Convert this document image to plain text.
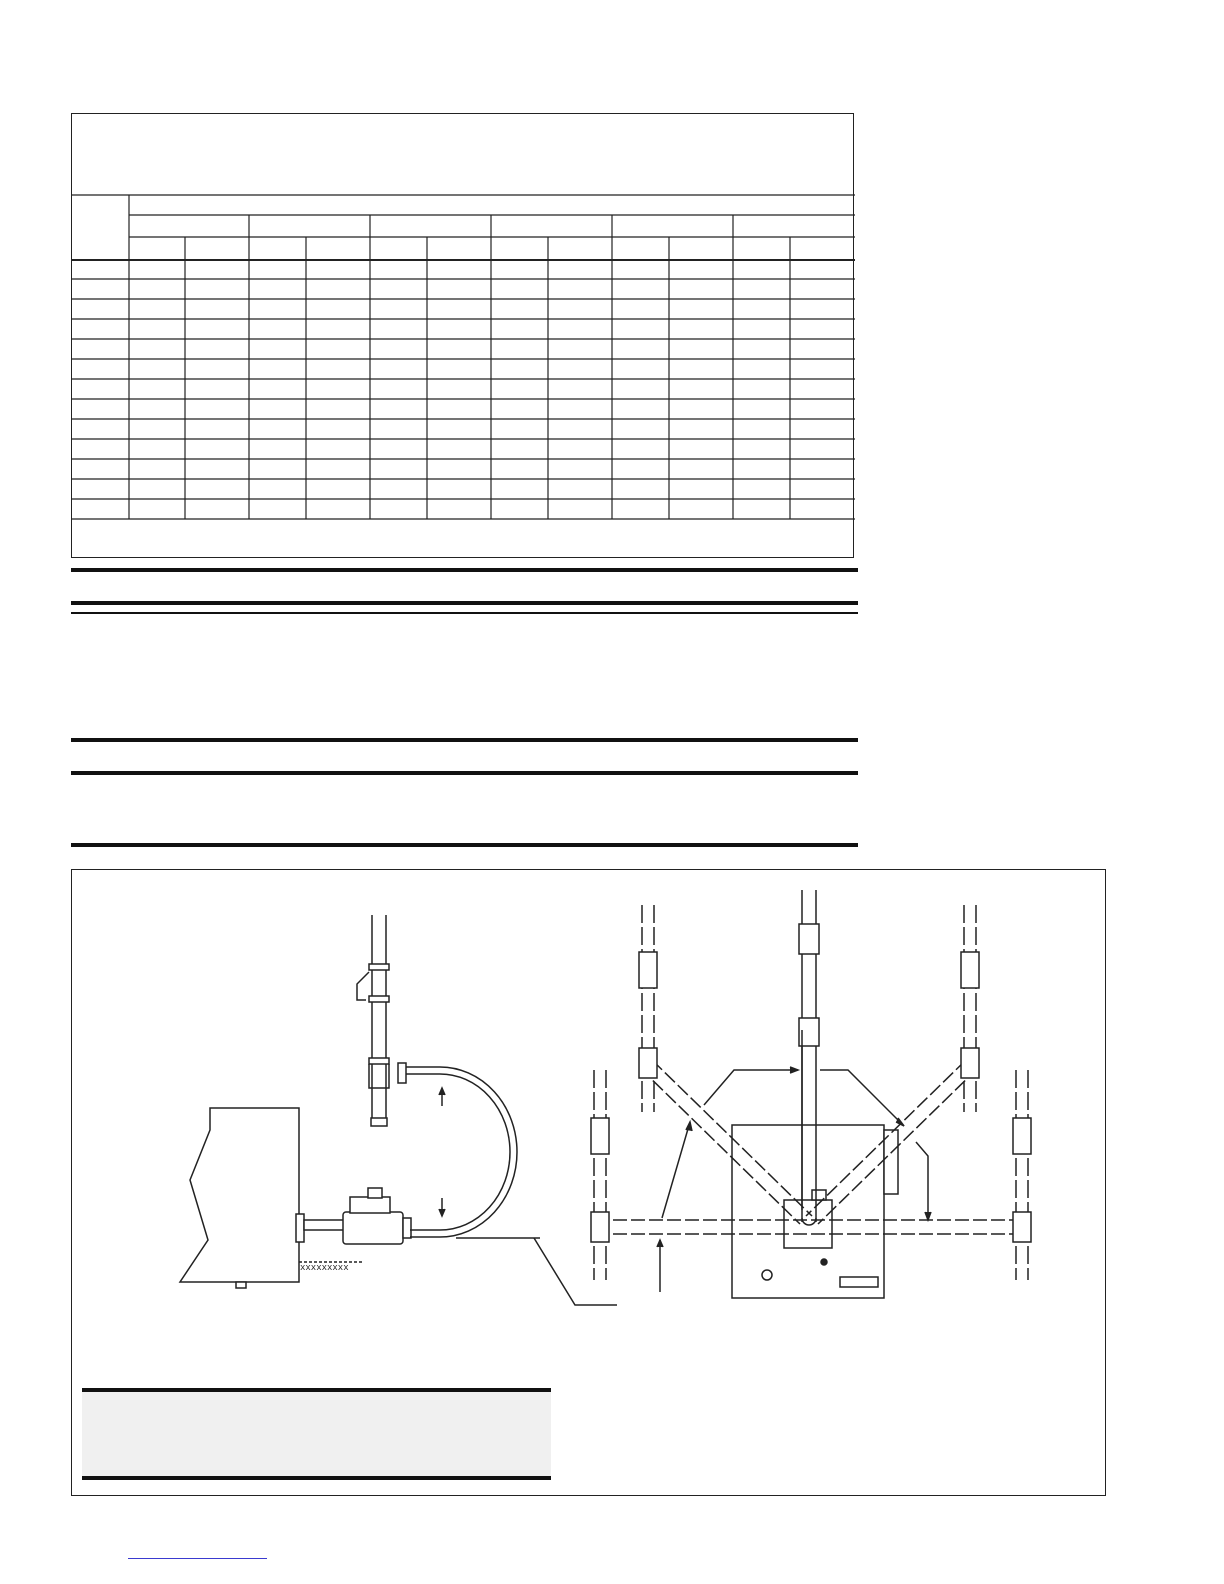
xxxxxxxxx
